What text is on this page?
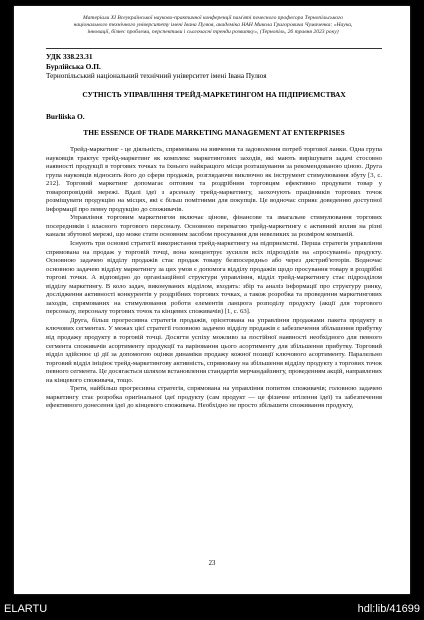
Матеріали XI Всеукраїнської науково-практичної конференції пам'яті почесного професора Тернопільського
національного технічного університету імені Івана Пулюя, академіка НАН Микола Григоровича Чумаченка: «Наука,
інновації, бізнес проблеми, перспективи і сьогочасні тренди розвитку», (Тернопіль, 26 травня 2023 року)
УДК 338.23.31
Бурлійська О.П.
Тернопільський національний технічний університет імені Івана Пулюя
СУТНІСТЬ УПРАВЛІННЯ ТРЕЙД-МАРКЕТИНГОМ НА ПІДПРИЄМСТВАХ
Burliiska O.
THE ESSENCE OF TRADE MARKETING MANAGEMENT AT ENTERPRISES

Трейд-маркетинг - це діяльність, спрямована на вивчення та задоволення потреб торгової ланки. Одна група науковців трактує трейд-маркетинг як комплекс маркетингових заходів, які мають вирішувати задачі стосовно наявності продукції в торгових точках та їхнього найкращого місця розташування за рекомендованою ціною. Друга група науковців відносить його до сфери продажів, розглядаючи виключно як інструмент стимулювання збуту [3, с. 212]. Торговий маркетинг допомагає оптовим та роздрібним торговцям ефективно продувати товар у товаропровідній мережі. Вдалі ідеї з арсеналу трейд-маркетингу, заохочують працівників торгових точок розміщувати продукцію на місцях, які є більш помітними для покупців. Це водночас сприяє доведенню доступної інформації про певну продукцію до споживачів.

Управління торговим маркетингом включає цінове, фінансове та змагальне стимулювання торгових посередників і власного торгового персоналу. Основною перевагою трейд-маркетингу є активний вплив на різні канали збутової мережі, що може стати основним засобом просування для невеликих за розміром компаній.

Існують три основні стратегії використання трейд-маркетингу на підприємстві. Перша стратегія управління спрямована на продаж у торговій точці, вона концентрує зусилля всіх підрозділів на «просуванні» продукту. Основною задачею відділу продажів стає продаж товару безпосередньо або через дистриб'юторів. Водночас основною задачею відділу маркетингу за цих умов є допомога відділу продажів щодо просування товару в роздрібні торгові точки. А відповідно до організаційної структури управління, відділ трейд-маркетингу стає підрозділом відділу маркетингу. В коло задач, виконуваних відділом, входять: збір та аналіз інформації про структуру ринку, дослідження активності конкурентів у роздрібних торгових точках, а також розробка та проведення маркетингових заходів, спрямованих на стимулювання роботи елементів ланцюга розподілу продукту (акції для торгового персоналу, персоналу торгових точок та кінцевих споживачів) [1, с. 63].

Друга, більш прогресивна стратегія продажів, орієнтована на управління продажами пакета продукту в ключових сегментах. У межах цієї стратегії головною задачею відділу продажів є забезпечення збільшення прибутку від продажу продукту в торговій точці. Досягти успіху можливо за постійної наявності необхідного для певного сегмента споживачів асортименту продукції та варіювання цього асортименту для збільшення прибутку. Торговий відділ здійснює ці дії за допомогою оцінки динаміки продажу кожної позиції ключового асортименту. Паралельно торговий відділ ініціює трейд-маркетингову активність, спрямовану на збільшення відділу продукту з торгових точок певного сегмента. Це досягається шляхом встановлення стандартів мерчандайзингу, проведенням акцій, направлених на кінцевого споживача, тощо.

Третя, найбільш прогресивна стратегія, спрямована на управління попитом споживачів; головною задачею маркетингу стає розробка оригінальної ідеї продукту (сам продукт — це фізичне втілення ідеї) та забезпечення ефективного донесення ідеї до кінцевого споживача. Необхідно не просто збільшити споживання продукту,

23
ELARTU	hdl:lib/41699
